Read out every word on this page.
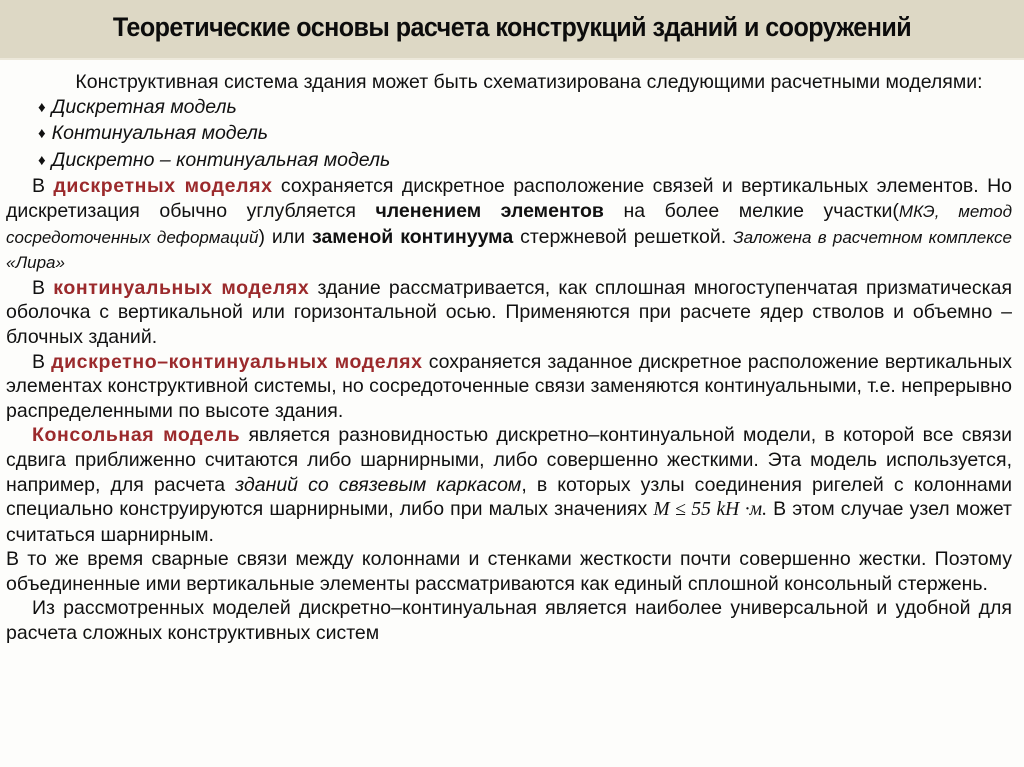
Теоретические основы расчета конструкций зданий и сооружений
Конструктивная система здания может быть схематизирована следующими расчетными моделями:
♦ Дискретная модель
♦ Континуальная модель
♦ Дискретно – континуальная модель

В дискретных моделях сохраняется дискретное расположение связей и вертикальных элементов. Но дискретизация обычно углубляется членением элементов на более мелкие участки(МКЭ, метод сосредоточенных деформаций) или заменой континуума стержневой решеткой. Заложена в расчетном комплексе «Лира»

В континуальных моделях здание рассматривается, как сплошная многоступенчатая призматическая оболочка с вертикальной или горизонтальной осью. Применяются при расчете ядер стволов и объемно – блочных зданий.

В дискретно–континуальных моделях сохраняется заданное дискретное расположение вертикальных элементах конструктивной системы, но сосредоточенные связи заменяются континуальными, т.е. непрерывно распределенными по высоте здания.

Консольная модель является разновидностью дискретно–континуальной модели, в которой все связи сдвига приближенно считаются либо шарнирными, либо совершенно жесткими. Эта модель используется, например, для расчета зданий со связевым каркасом, в которых узлы соединения ригелей с колоннами специально конструируются шарнирными, либо при малых значениях M ≤ 55 kH ·м. В этом случае узел может считаться шарнирным.

В то же время сварные связи между колоннами и стенками жесткости почти совершенно жестки. Поэтому объединенные ими вертикальные элементы рассматриваются как единый сплошной консольный стержень.

Из рассмотренных моделей дискретно–континуальная является наиболее универсальной и удобной для расчета сложных конструктивных систем
